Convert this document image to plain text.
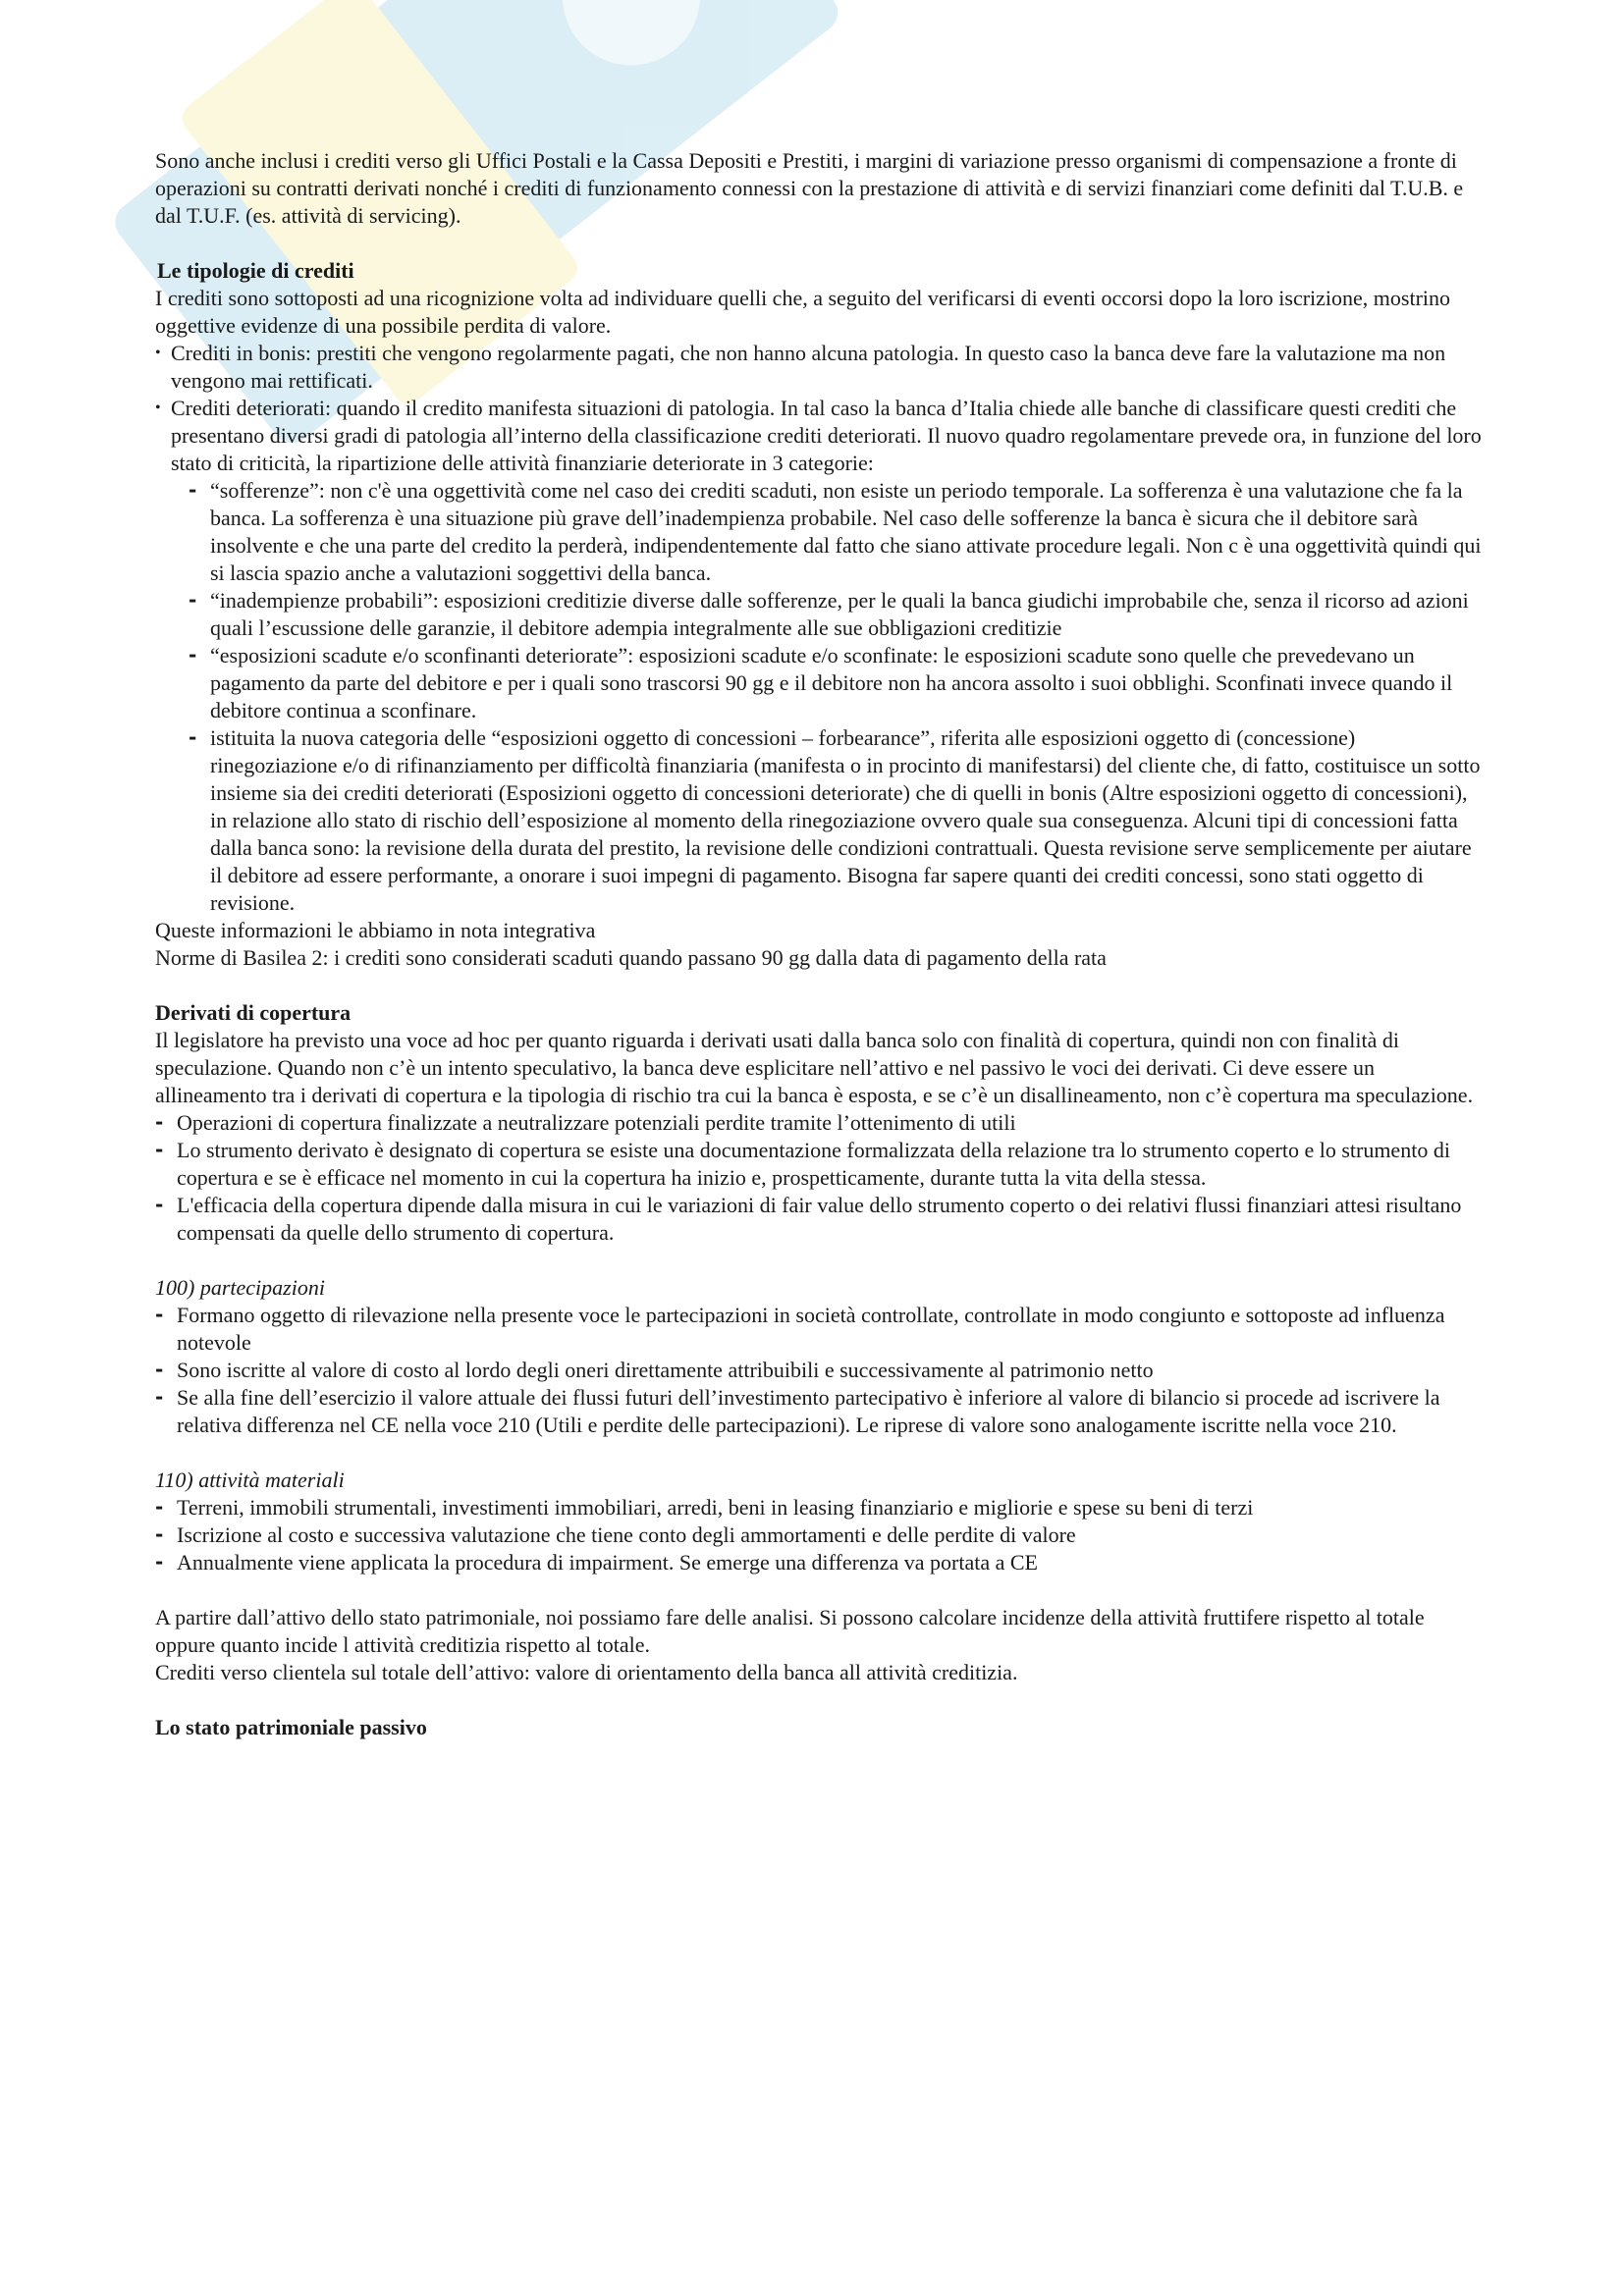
Sono anche inclusi i crediti verso gli Uffici Postali e la Cassa Depositi e Prestiti, i margini di variazione presso organismi di compensazione a fronte di operazioni su contratti derivati nonché i crediti di funzionamento connessi con la prestazione di attività e di servizi finanziari come definiti dal T.U.B. e dal T.U.F. (es. attività di servicing).

Le tipologie di crediti

I crediti sono sottoposti ad una ricognizione volta ad individuare quelli che, a seguito del verificarsi di eventi occorsi dopo la loro iscrizione, mostrino oggettive evidenze di una possibile perdita di valore.

• Crediti in bonis: prestiti che vengono regolarmente pagati, che non hanno alcuna patologia. In questo caso la banca deve fare la valutazione ma non vengono mai rettificati.
• Crediti deteriorati: quando il credito manifesta situazioni di patologia. In tal caso la banca d’Italia chiede alle banche di classificare questi crediti che presentano diversi gradi di patologia all’interno della classificazione crediti deteriorati. Il nuovo quadro regolamentare prevede ora, in funzione del loro stato di criticità, la ripartizione delle attività finanziarie deteriorate in 3 categorie:
- “sofferenze”: non c'è una oggettività come nel caso dei crediti scaduti, non esiste un periodo temporale. La sofferenza è una valutazione che fa la banca. La sofferenza è una situazione più grave dell’inadempienza probabile. Nel caso delle sofferenze la banca è sicura che il debitore sarà insolvente e che una parte del credito la perderà, indipendentemente dal fatto che siano attivate procedure legali. Non c è una oggettività quindi qui si lascia spazio anche a valutazioni soggettivi della banca.
- “inadempienze probabili”: esposizioni creditizie diverse dalle sofferenze, per le quali la banca giudichi improbabile che, senza il ricorso ad azioni quali l’escussione delle garanzie, il debitore adempia integralmente alle sue obbligazioni creditizie
- “esposizioni scadute e/o sconfinanti deteriorate”: esposizioni scadute e/o sconfinate: le esposizioni scadute sono quelle che prevedevano un pagamento da parte del debitore e per i quali sono trascorsi 90 gg e il debitore non ha ancora assolto i suoi obblighi. Sconfinati invece quando il debitore continua a sconfinare.
- istituita la nuova categoria delle “esposizioni oggetto di concessioni – forbearance”, riferita alle esposizioni oggetto di (concessione) rinegoziazione e/o di rifinanziamento per difficoltà finanziaria (manifesta o in procinto di manifestarsi) del cliente che, di fatto, costituisce un sotto insieme sia dei crediti deteriorati (Esposizioni oggetto di concessioni deteriorate) che di quelli in bonis (Altre esposizioni oggetto di concessioni), in relazione allo stato di rischio dell’esposizione al momento della rinegoziazione ovvero quale sua conseguenza. Alcuni tipi di concessioni fatta dalla banca sono: la revisione della durata del prestito, la revisione delle condizioni contrattuali. Questa revisione serve semplicemente per aiutare il debitore ad essere performante, a onorare i suoi impegni di pagamento. Bisogna far sapere quanti dei crediti concessi, sono stati oggetto di revisione.

Queste informazioni le abbiamo in nota integrativa

Norme di Basilea 2: i crediti sono considerati scaduti quando passano 90 gg dalla data di pagamento della rata

Derivati di copertura

Il legislatore ha previsto una voce ad hoc per quanto riguarda i derivati usati dalla banca solo con finalità di copertura, quindi non con finalità di speculazione. Quando non c’è un intento speculativo, la banca deve esplicitare nell’attivo e nel passivo le voci dei derivati. Ci deve essere un allineamento tra i derivati di copertura e la tipologia di rischio tra cui la banca è esposta, e se c’è un disallineamento, non c’è copertura ma speculazione.

- Operazioni di copertura finalizzate a neutralizzare potenziali perdite tramite l’ottenimento di utili
- Lo strumento derivato è designato di copertura se esiste una documentazione formalizzata della relazione tra lo strumento coperto e lo strumento di copertura e se è efficace nel momento in cui la copertura ha inizio e, prospetticamente, durante tutta la vita della stessa.
- L'efficacia della copertura dipende dalla misura in cui le variazioni di fair value dello strumento coperto o dei relativi flussi finanziari attesi risultano compensati da quelle dello strumento di copertura.
100) partecipazioni
- Formano oggetto di rilevazione nella presente voce le partecipazioni in società controllate, controllate in modo congiunto e sottoposte ad influenza notevole
- Sono iscritte al valore di costo al lordo degli oneri direttamente attribuibili e successivamente al patrimonio netto
- Se alla fine dell’esercizio il valore attuale dei flussi futuri dell’investimento partecipativo è inferiore al valore di bilancio si procede ad iscrivere la relativa differenza nel CE nella voce 210 (Utili e perdite delle partecipazioni). Le riprese di valore sono analogamente iscritte nella voce 210.
110) attività materiali
- Terreni, immobili strumentali, investimenti immobiliari, arredi, beni in leasing finanziario e migliorie e spese su beni di terzi
- Iscrizione al costo e successiva valutazione che tiene conto degli ammortamenti e delle perdite di valore
- Annualmente viene applicata la procedura di impairment. Se emerge una differenza va portata a CE

A partire dall’attivo dello stato patrimoniale, noi possiamo fare delle analisi. Si possono calcolare incidenze della attività fruttifere rispetto al totale oppure quanto incide l attività creditizia rispetto al totale.

Crediti verso clientela sul totale dell’attivo: valore di orientamento della banca all attività creditizia.

Lo stato patrimoniale passivo
